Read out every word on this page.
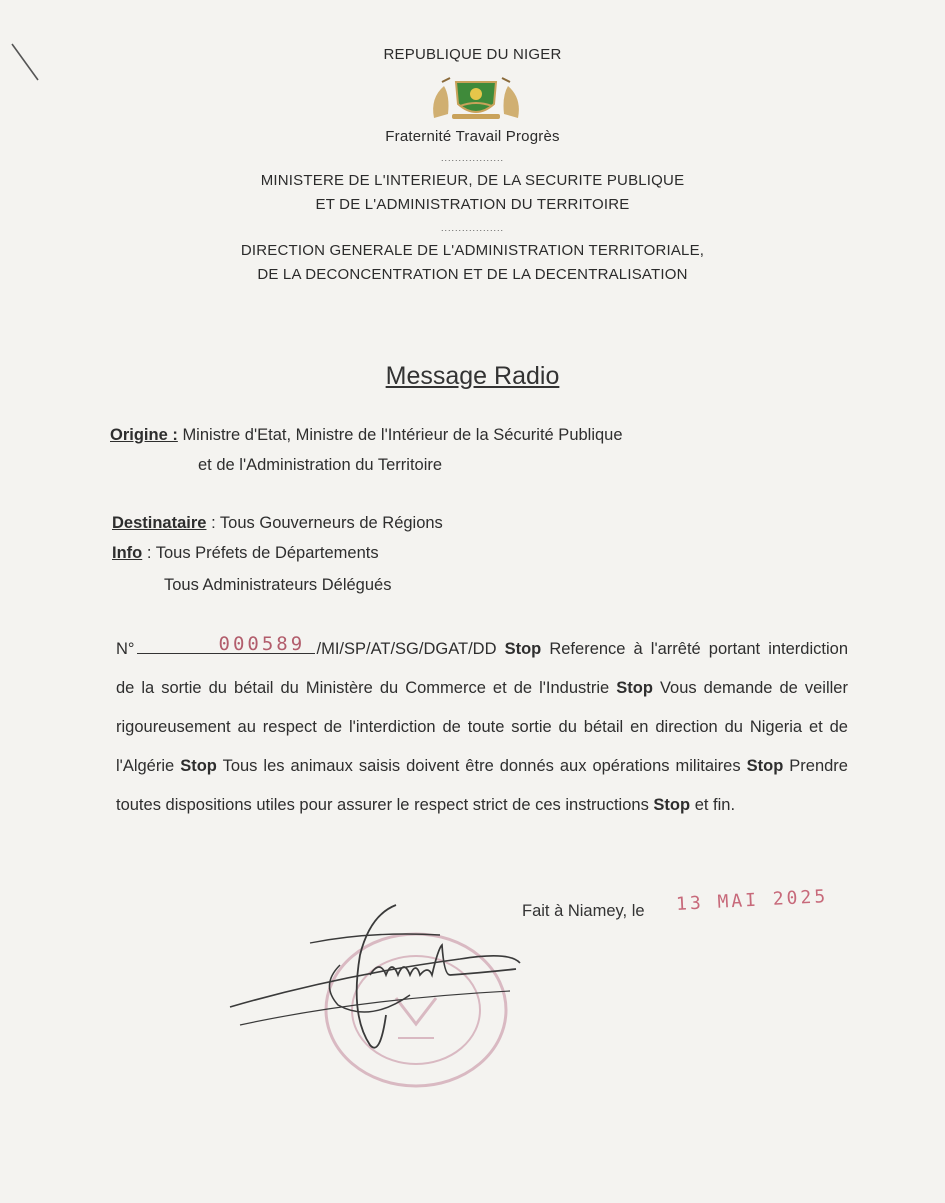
REPUBLIQUE DU NIGER
Fraternité Travail Progrès
..................
MINISTERE DE L'INTERIEUR, DE LA SECURITE PUBLIQUE
ET DE L'ADMINISTRATION DU TERRITOIRE
..................
DIRECTION GENERALE DE L'ADMINISTRATION TERRITORIALE,
DE LA DECONCENTRATION ET DE LA DECENTRALISATION
Message Radio
Origine : Ministre d'Etat, Ministre de l'Intérieur de la Sécurité Publique
et de l'Administration du Territoire
Destinataire : Tous Gouverneurs de Régions
Info : Tous Préfets de Départements
Tous Administrateurs Délégués
N°	000589 /MI/SP/AT/SG/DGAT/DD Stop Reference à l'arrêté portant interdiction de la sortie du bétail du Ministère du Commerce et de l'Industrie Stop Vous demande de veiller rigoureusement au respect de l'interdiction de toute sortie du bétail en direction du Nigeria et de l'Algérie Stop Tous les animaux saisis doivent être donnés aux opérations militaires Stop Prendre toutes dispositions utiles pour assurer le respect strict de ces instructions Stop et fin.
Fait à Niamey, le 13 MAI 2025
